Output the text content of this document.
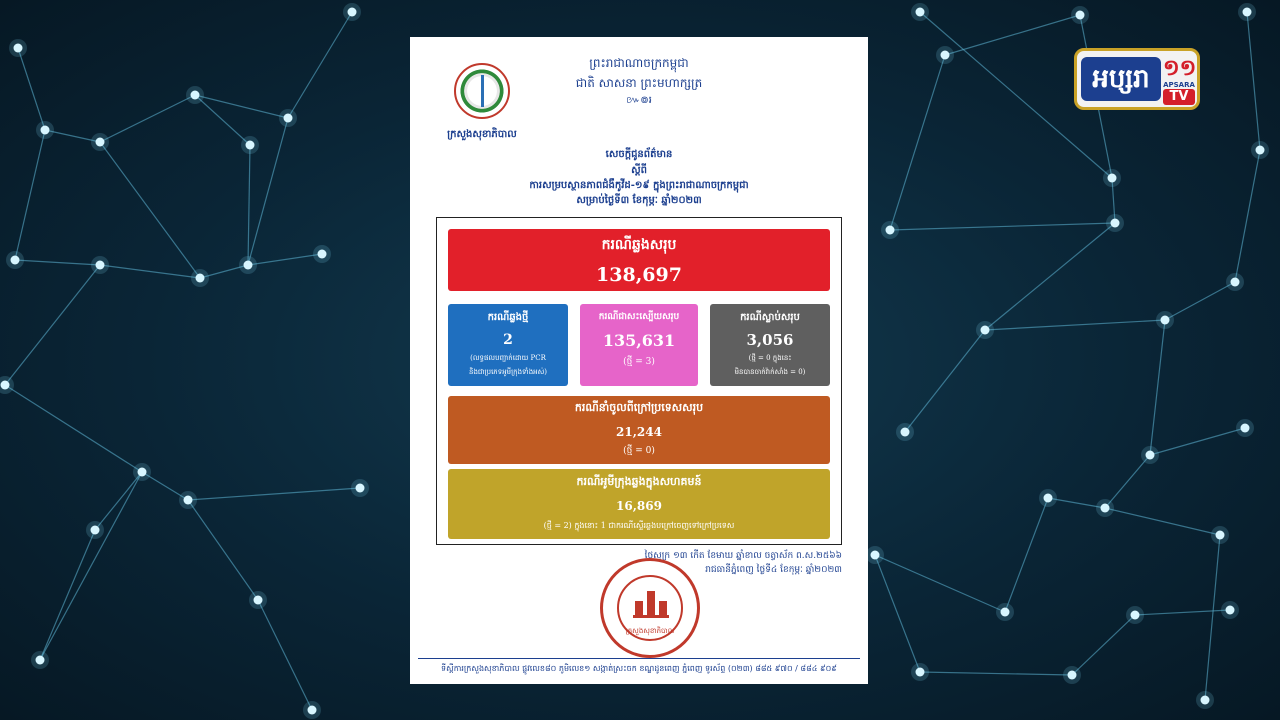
អប្សរា ១១
APSARA
TV
ព្រះរាជាណាចក្រកម្ពុជា
ជាតិ សាសនា ព្រះមហាក្សត្រ
៚៙៛
ក្រសួងសុខាភិបាល
សេចក្តីជូនព័ត៌មាន
ស្តីពី
ការសម្របស្ថានភាពជំងឺកូវីដ-១៩ ក្នុងព្រះរាជាណាចក្រកម្ពុជា
សម្រាប់ថ្ងៃទី៣ ខែកុម្ភៈ ឆ្នាំ២០២៣
ករណីឆ្លងសរុប
138,697
ករណីឆ្លងថ្មី
2
(លទ្ធផលបញ្ជាក់ដោយ PCR
និងជាប្រភេទអូមីក្រុងទាំងអស់)
ករណីជាសះស្បើយសរុប
135,631
(ថ្មី = 3)
ករណីស្លាប់សរុប
3,056
(ថ្មី = 0 ក្នុងនេះ
មិនបានចាក់វ៉ាក់សាំង = 0)
ករណីនាំចូលពីក្រៅប្រទេសសរុប
21,244
(ថ្មី = 0)
ករណីអូមីក្រុងឆ្លងក្នុងសហគមន៍
16,869
(ថ្មី = 2) ក្នុងនោះ 1 ជាករណីស្ទើរឆ្លងបក្រៅចេញទៅក្រៅប្រទេស
ថ្ងៃសុក្រ ១៣ កើត ខែមាឃ ឆ្នាំខាល ចត្វាស័ក ព.ស.២៥៦៦
រាជធានីភ្នំពេញ ថ្ងៃទី៤ ខែកុម្ភៈ ឆ្នាំ២០២៣
ក្រសួងសុខាភិបាល
ទីស្តីការក្រសួងសុខាភិបាល ផ្លូវលេខ៨០ ភូមិលេខ១ សង្កាត់ស្រះចក ខណ្ឌដូនពេញ ភ្នំពេញ ទូរស័ព្ទ (០២៣) ៨៨៥ ៩៧០ / ៨៨៤ ៩០៩
